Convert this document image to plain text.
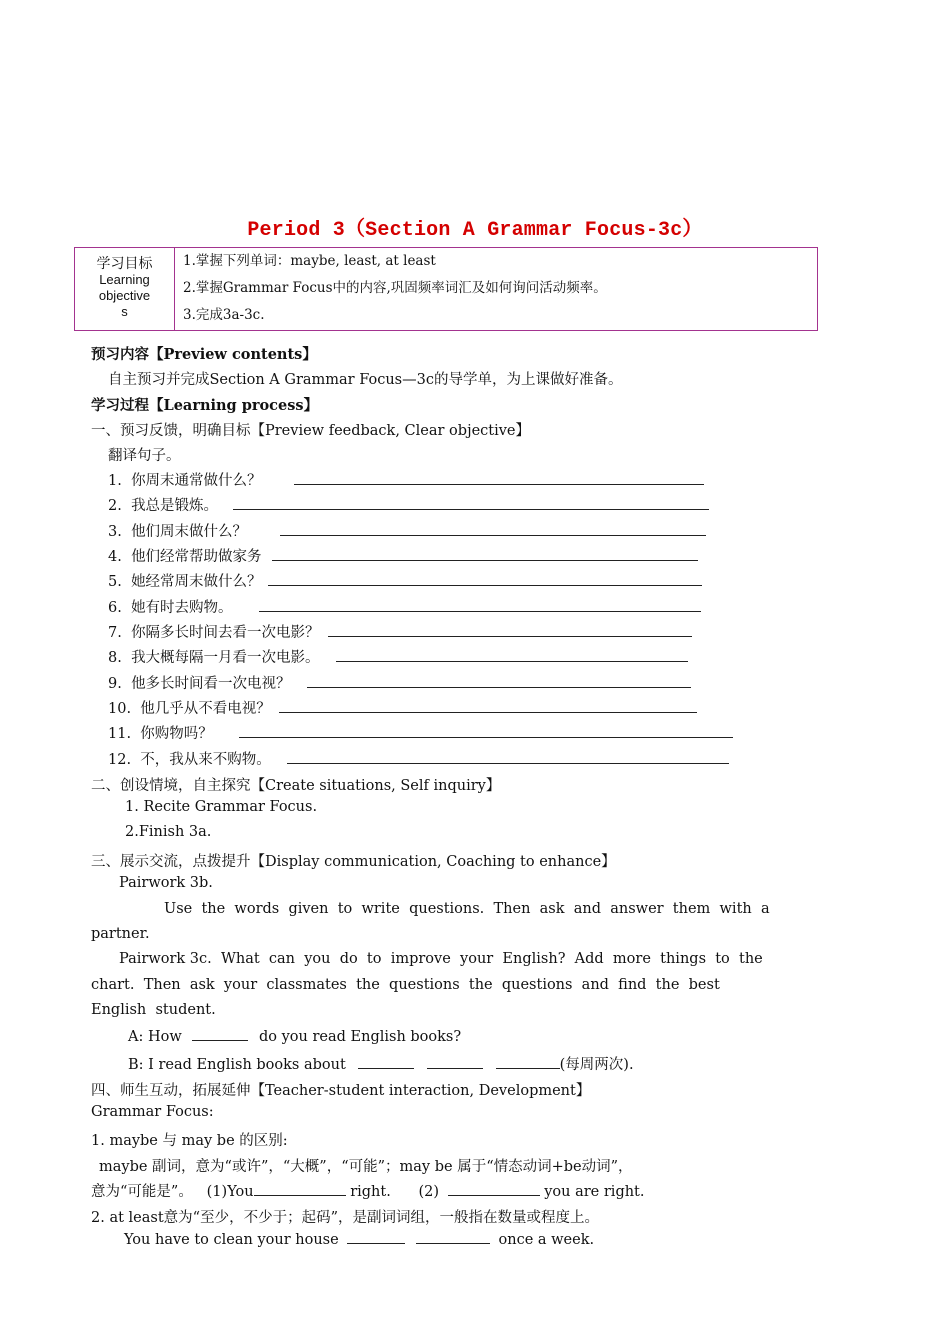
Period 3（Section A Grammar Focus-3c）
学习目标
Learning
objective
s
1.掌握下列单词：maybe, least, at least
2.掌握Grammar Focus中的内容,巩固频率词汇及如何询问活动频率。
3.完成3a-3c.
预习内容【Preview contents】
自主预习并完成Section A Grammar Focus—3c的导学单，为上课做好准备。
学习过程【Learning process】
一、预习反馈，明确目标【Preview feedback, Clear objective】
翻译句子。
1. 你周末通常做什么？
2. 我总是锻炼。
3. 他们周末做什么？
4. 他们经常帮助做家务
5. 她经常周末做什么？
6. 她有时去购物。
7. 你隔多长时间去看一次电影？
8. 我大概每隔一月看一次电影。
9. 他多长时间看一次电视？
10. 他几乎从不看电视？
11. 你购物吗？
12. 不，我从来不购物。
二、创设情境，自主探究【Create situations, Self inquiry】
1. Recite Grammar Focus.
2.Finish 3a.
三、展示交流，点拨提升【Display communication, Coaching to enhance】
Pairwork 3b.
Use  the  words  given  to  write  questions.  Then  ask  and  answer  them  with  a
partner.
Pairwork 3c.  What  can  you  do  to  improve  your  English?  Add  more  things  to  the
chart.  Then  ask  your  classmates  the  questions  the  questions  and  find  the  best
English  student.
A: How	do you read English books?
B: I read English books about	(每周两次).
四、师生互动，拓展延伸【Teacher-student interaction, Development】
Grammar Focus:
1. maybe 与 may be 的区别:
maybe 副词，意为“或许”，“大概”，“可能”；may be 属于“情态动词+be动词”，
意为“可能是”。   (1)You	right.      (2)	you are right.
2. at least意为“至少，不少于；起码”，是副词词组，一般指在数量或程度上。
You have to clean your house	once a week.
